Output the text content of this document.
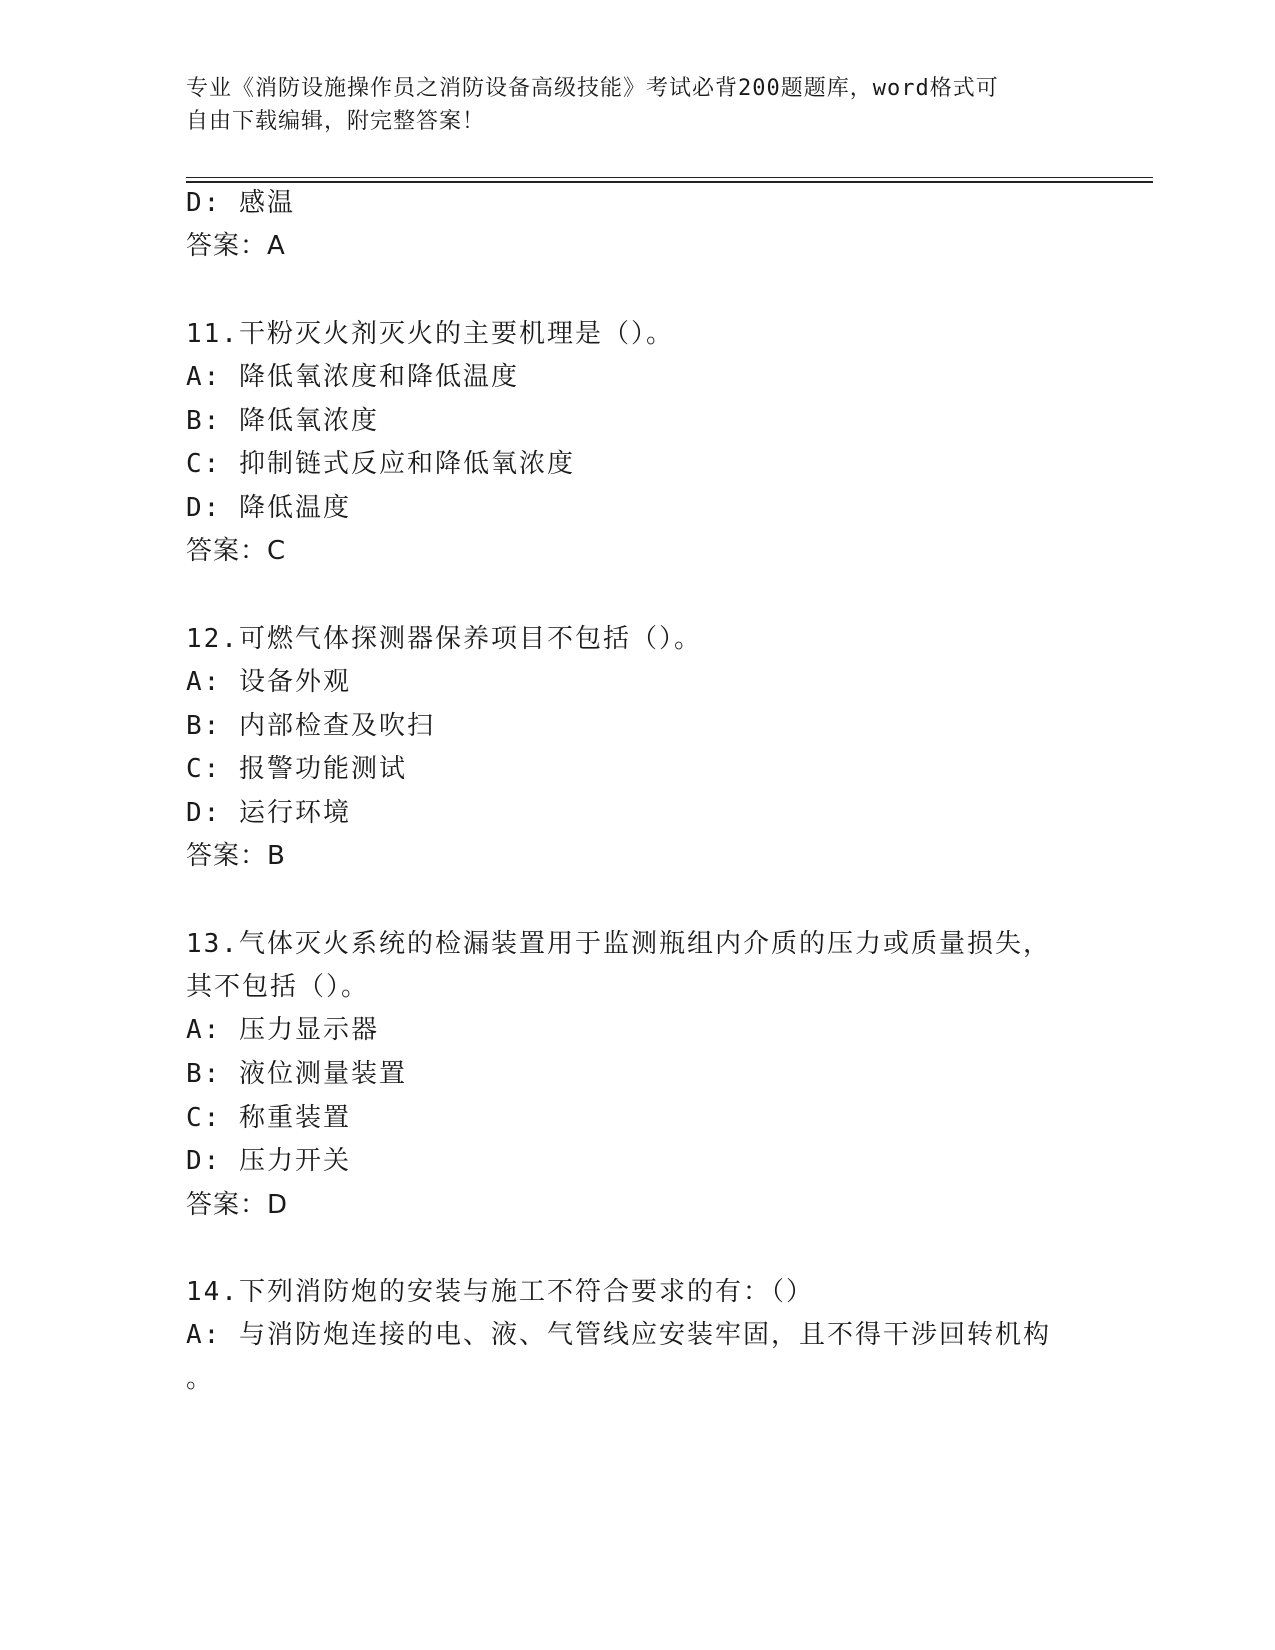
专业《消防设施操作员之消防设备高级技能》考试必背200题题库，word格式可
自由下载编辑，附完整答案！
D: 感温
答案：A
11.干粉灭火剂灭火的主要机理是（）。
A: 降低氧浓度和降低温度
B: 降低氧浓度
C: 抑制链式反应和降低氧浓度
D: 降低温度
答案：C
12.可燃气体探测器保养项目不包括（）。
A: 设备外观
B: 内部检查及吹扫
C: 报警功能测试
D: 运行环境
答案：B
13.气体灭火系统的检漏装置用于监测瓶组内介质的压力或质量损失，
其不包括（）。
A: 压力显示器
B: 液位测量装置
C: 称重装置
D: 压力开关
答案：D
14.下列消防炮的安装与施工不符合要求的有：（）
A: 与消防炮连接的电、液、气管线应安装牢固，且不得干涉回转机构
。
